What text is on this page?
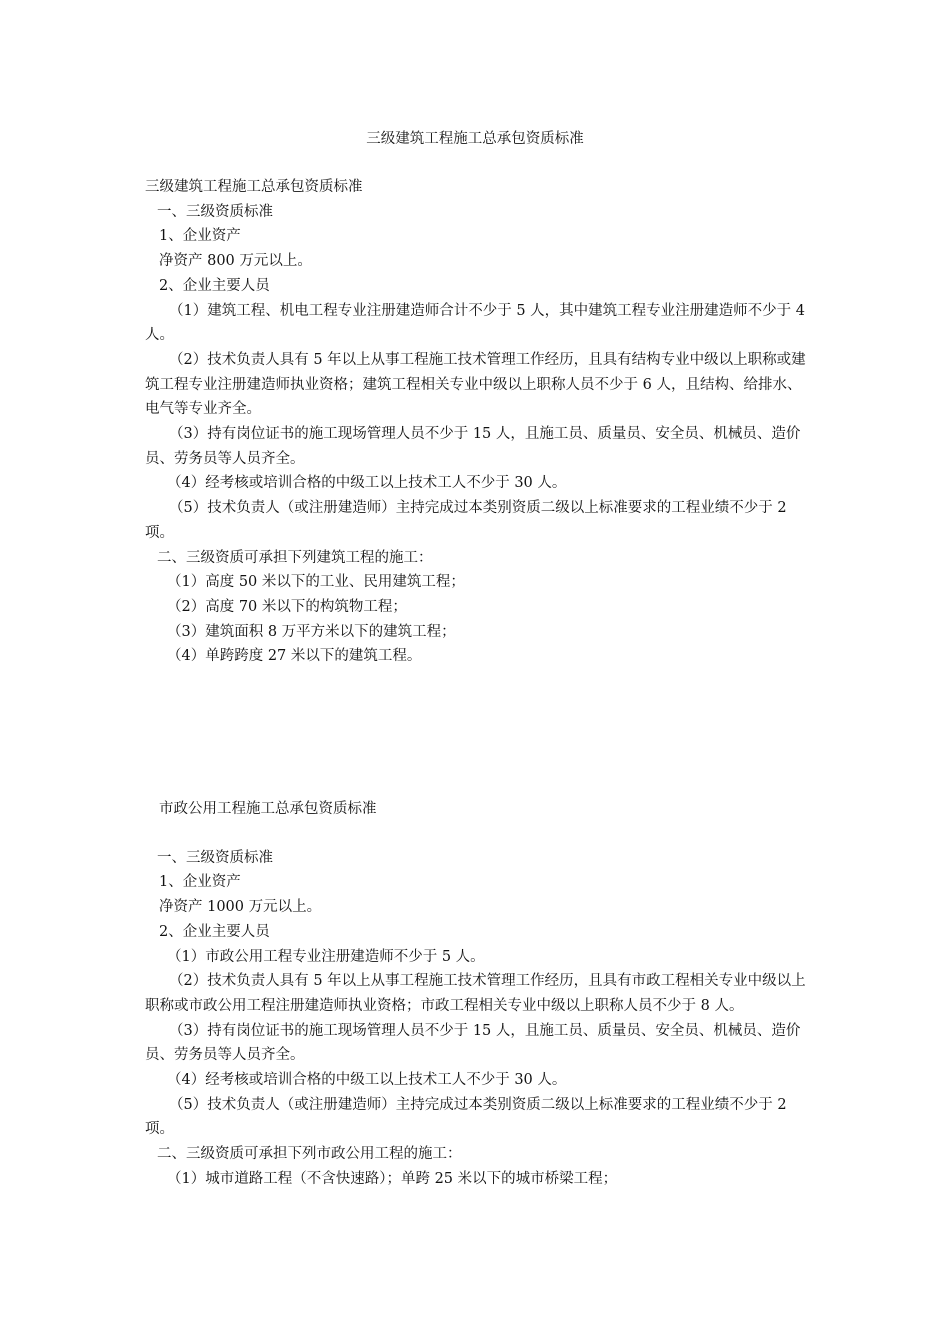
三级建筑工程施工总承包资质标准
三级建筑工程施工总承包资质标准
一、三级资质标准
1、企业资产
净资产 800 万元以上。
2、企业主要人员
（1）建筑工程、机电工程专业注册建造师合计不少于 5 人，其中建筑工程专业注册建造师不少于 4 人。
（2）技术负责人具有 5 年以上从事工程施工技术管理工作经历，且具有结构专业中级以上职称或建筑工程专业注册建造师执业资格；建筑工程相关专业中级以上职称人员不少于 6 人，且结构、给排水、电气等专业齐全。
（3）持有岗位证书的施工现场管理人员不少于 15 人，且施工员、质量员、安全员、机械员、造价员、劳务员等人员齐全。
（4）经考核或培训合格的中级工以上技术工人不少于 30 人。
（5）技术负责人（或注册建造师）主持完成过本类别资质二级以上标准要求的工程业绩不少于 2 项。
二、三级资质可承担下列建筑工程的施工：
（1）高度 50 米以下的工业、民用建筑工程；
（2）高度 70 米以下的构筑物工程；
（3）建筑面积 8 万平方米以下的建筑工程；
（4）单跨跨度 27 米以下的建筑工程。
市政公用工程施工总承包资质标准
一、三级资质标准
1、企业资产
净资产 1000 万元以上。
2、企业主要人员
（1）市政公用工程专业注册建造师不少于 5 人。
（2）技术负责人具有 5 年以上从事工程施工技术管理工作经历，且具有市政工程相关专业中级以上职称或市政公用工程注册建造师执业资格；市政工程相关专业中级以上职称人员不少于 8 人。
（3）持有岗位证书的施工现场管理人员不少于 15 人，且施工员、质量员、安全员、机械员、造价员、劳务员等人员齐全。
（4）经考核或培训合格的中级工以上技术工人不少于 30 人。
（5）技术负责人（或注册建造师）主持完成过本类别资质二级以上标准要求的工程业绩不少于 2 项。
二、三级资质可承担下列市政公用工程的施工：
（1）城市道路工程（不含快速路）；单跨 25 米以下的城市桥梁工程；
